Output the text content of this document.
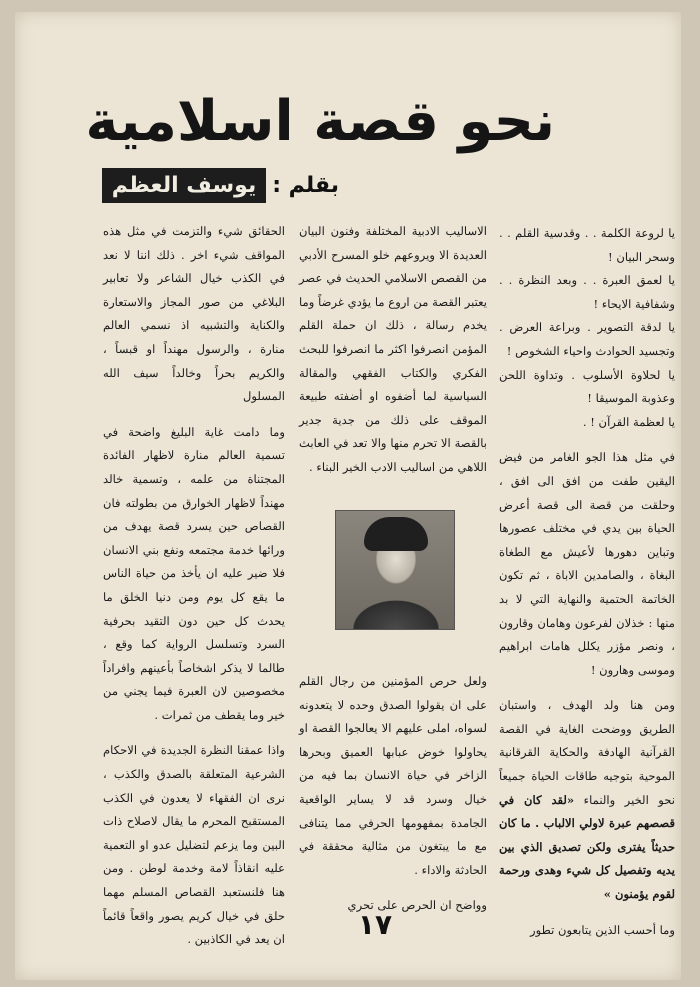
نحو قصة اسلامية
بقلم :
يوسف العظم

يا لروعة الكلمة . . وقدسية القلم . . وسحر البيان !

يا لعمق العبرة . . وبعد النظرة . . وشفافية الايحاء !

يا لدقة التصوير . وبراعة العرض . وتجسيد الحوادث واحياء الشخوص !

يا لحلاوة الأسلوب . وتداوة اللحن وعذوبة الموسيقا !

يا لعظمة القرآن ! .

في مثل هذا الجو الغامر من فيض اليقين طفت من افق الى افق ، وحلقت من قصة الى قصة أعرض الحياة بين يدي في مختلف عصورها وتباين دهورها لأعيش مع الطغاة البغاة ، والصامدين الاباة ، ثم تكون الخاتمة الحتمية والنهاية التي لا بد منها : خذلان لفرعون وهامان وقارون ، ونصر مؤزر يكلل هامات ابراهيم وموسى وهارون !

ومن هنا ولد الهدف ، واستبان الطريق ووضحت الغاية في القصة القرآنية الهادفة والحكاية القرقانية الموحية بتوجيه طاقات الحياة جميعاً نحو الخير والنماء «لقد كان في قصصهم عبرة لاولي الالباب . ما كان حديثاً يفترى ولكن تصديق الذي بين يديه وتفصيل كل شيء وهدى ورحمة لقوم يؤمنون »

وما أحسب الذين يتابعون تطور

الاساليب الادبية المختلفة وفنون البيان العديدة الا ويروعهم خلو المسرح الأدبي من القصص الاسلامي الحديث في عصر يعتبر القصة من اروع ما يؤدي غرضاً وما يخدم رسالة ، ذلك ان حملة القلم المؤمن انصرفوا اكثر ما انصرفوا للبحث الفكري والكتاب الفقهي والمقالة السياسية لما أضفوه او أضفته طبيعة الموقف على ذلك من جدية جدير بالقصة الا تحرم منها والا تعد في العابث اللاهي من اساليب الادب الخير البناء .

ولعل حرص المؤمنين من رجال القلم على ان يقولوا الصدق وحده لا يتعدونه لسواه، املى عليهم الا يعالجوا القصة او يحاولوا خوض عبابها العميق وبحرها الزاخر في حياة الانسان بما فيه من خيال وسرد قد لا يساير الواقعية الجامدة بمفهومها الحرفي مما يتنافى مع ما يبتغون من مثالية محققة في الحادثة والاداء .

وواضح ان الحرص على تحري

الحقائق شيء والتزمت في مثل هذه المواقف شيء اخر . ذلك اننا لا نعد في الكذب خيال الشاعر ولا تعابير البلاغي من صور المجاز والاستعارة والكناية والتشبيه اذ نسمي العالم منارة ، والرسول مهنداً او قبساً ، والكريم بحراً وخالداً سيف الله المسلول

وما دامت غاية البليغ واضحة في تسمية العالم منارة لاظهار الفائدة المجتناة من علمه ، وتسمية خالد مهنداً لاظهار الخوارق من بطولته فان القصاص حين يسرد قصة يهدف من ورائها خدمة مجتمعه ونفع بني الانسان فلا ضير عليه ان يأخذ من حياة الناس ما يقع كل يوم ومن دنيا الخلق ما يحدث كل حين دون التقيد بحرفية السرد وتسلسل الرواية كما وقع ، طالما لا يذكر اشخاصاً بأعينهم وافراداً مخصوصين لان العبرة فيما يجني من خير وما يقطف من ثمرات .

واذا عمقنا النظرة الجديدة في الاحكام الشرعية المتعلقة بالصدق والكذب ، نرى ان الفقهاء لا يعدون في الكذب المستقبح المحرم ما يقال لاصلاح ذات البين وما يزعم لتضليل عدو او التعمية عليه انقاذاً لامة وخدمة لوطن . ومن هنا فلنستعبد القصاص المسلم مهما حلق في خيال كريم يصور واقعاً قائماً ان يعد في الكاذبين .	١٧
